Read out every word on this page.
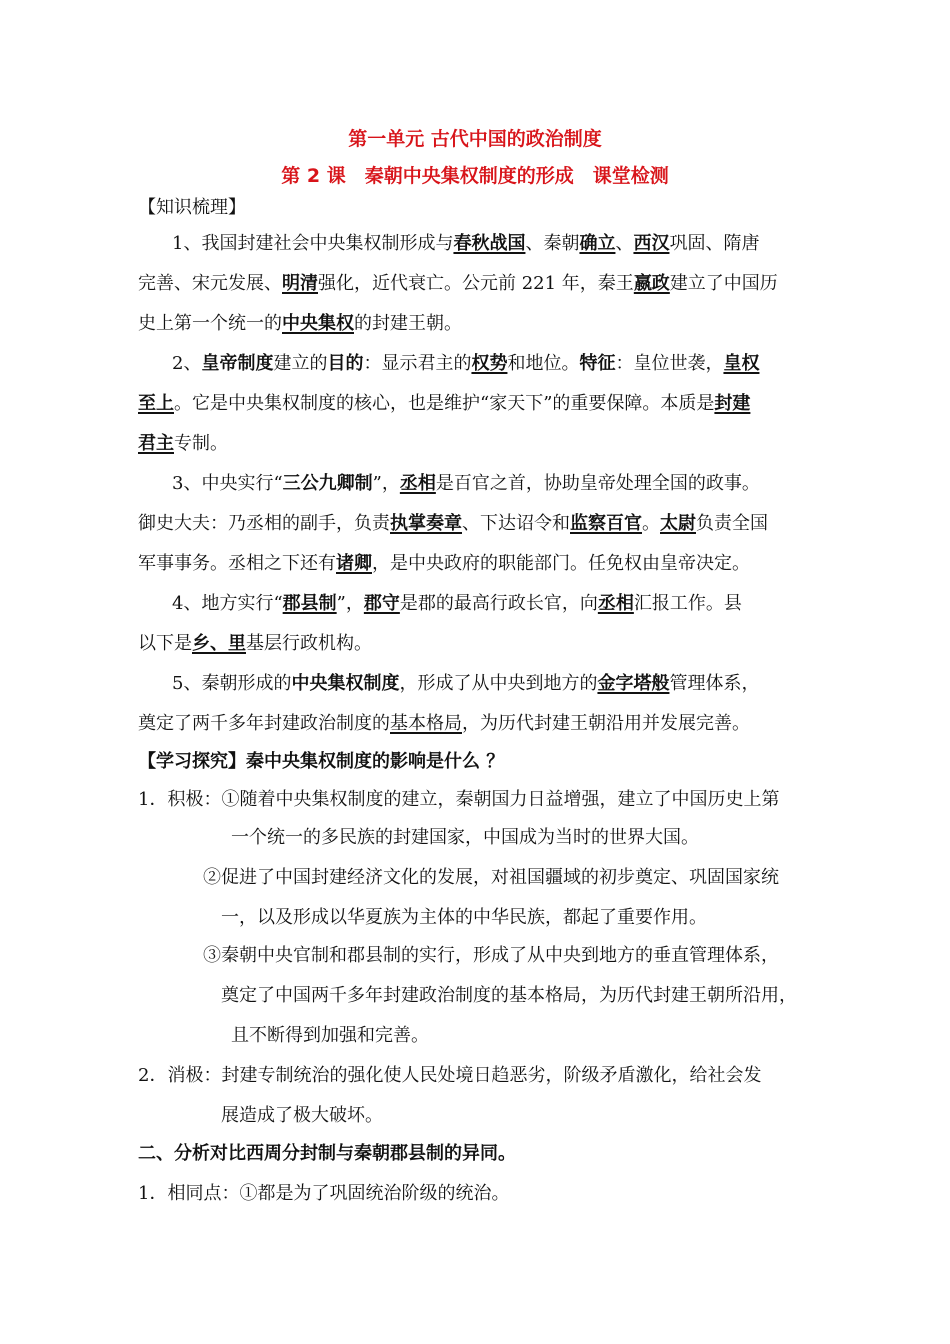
第一单元 古代中国的政治制度
第 2 课　秦朝中央集权制度的形成　课堂检测
【知识梳理】
1、我国封建社会中央集权制形成与春秋战国、秦朝确立、西汉巩固、隋唐
完善、宋元发展、明清强化，近代衰亡。公元前 221 年，秦王嬴政建立了中国历
史上第一个统一的中央集权的封建王朝。
2、皇帝制度建立的目的：显示君主的权势和地位。特征：皇位世袭，皇权
至上。它是中央集权制度的核心，也是维护“家天下”的重要保障。本质是封建
君主专制。
3、中央实行“三公九卿制”，丞相是百官之首，协助皇帝处理全国的政事。
御史大夫：乃丞相的副手，负责执掌奏章、下达诏令和监察百官。太尉负责全国
军事事务。丞相之下还有诸卿，是中央政府的职能部门。任免权由皇帝决定。
4、地方实行“郡县制”，郡守是郡的最高行政长官，向丞相汇报工作。县
以下是乡、里基层行政机构。
5、秦朝形成的中央集权制度，形成了从中央到地方的金字塔般管理体系，
奠定了两千多年封建政治制度的基本格局，为历代封建王朝沿用并发展完善。
【学习探究】秦中央集权制度的影响是什么 ？
1．积极：①随着中央集权制度的建立，秦朝国力日益增强，建立了中国历史上第
一个统一的多民族的封建国家，中国成为当时的世界大国。
②促进了中国封建经济文化的发展，对祖国疆域的初步奠定、巩固国家统
一，以及形成以华夏族为主体的中华民族，都起了重要作用。
③秦朝中央官制和郡县制的实行，形成了从中央到地方的垂直管理体系，
奠定了中国两千多年封建政治制度的基本格局，为历代封建王朝所沿用，
且不断得到加强和完善。
2．消极：封建专制统治的强化使人民处境日趋恶劣，阶级矛盾激化，给社会发
展造成了极大破坏。
二、分析对比西周分封制与秦朝郡县制的异同。
1．相同点：①都是为了巩固统治阶级的统治。
